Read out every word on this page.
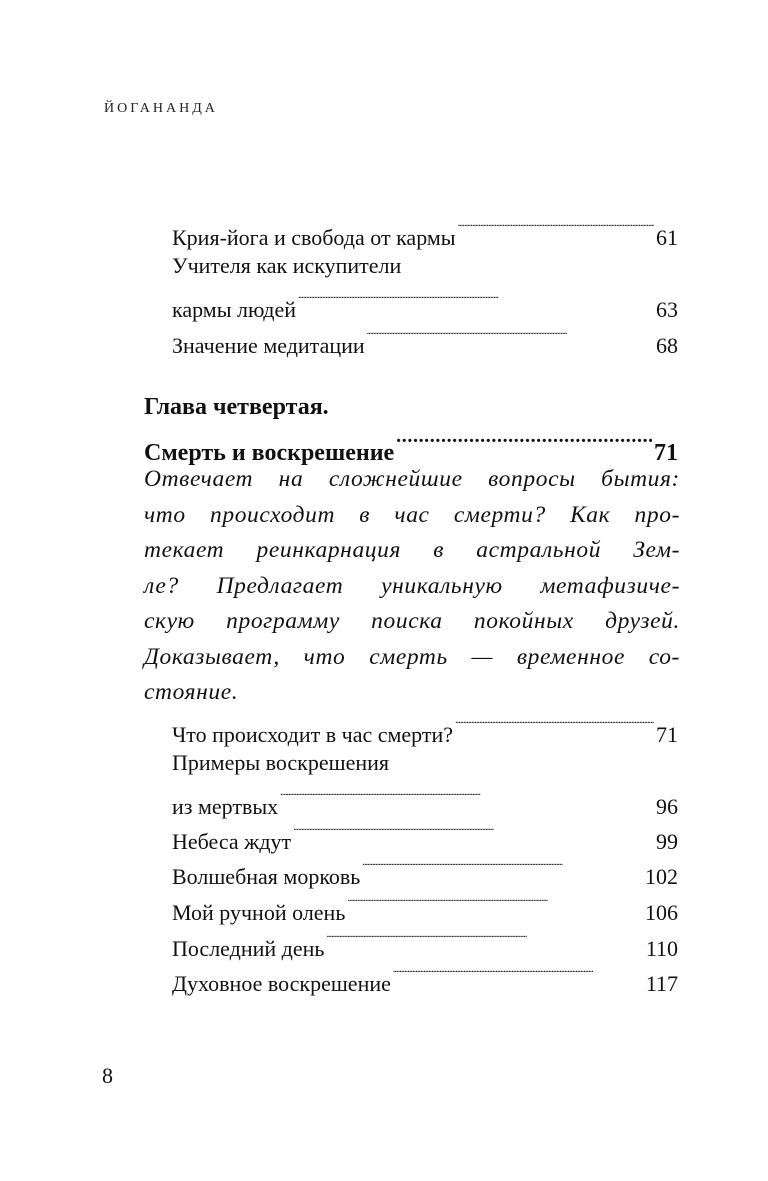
ЙОГАНАНДА
Крия-йога и свобода от кармы . . .	61
Учителя как искупители
кармы людей . . .	63
Значение медитации . . .	68
Глава четвертая.
Смерть и воскрешение . . .	71
Отвечает на сложнейшие вопросы бытия:
что происходит в час смерти? Как про-
текает реинкарнация в астральной Зем-
ле? Предлагает уникальную метафизиче-
скую программу поиска покойных друзей.
Доказывает, что смерть — временное со-
стояние.
Что происходит в час смерти? . . .	71
Примеры воскрешения
из мертвых . . .	96
Небеса ждут . . .	99
Волшебная морковь . . .	102
Мой ручной олень . . .	106
Последний день . . .	110
Духовное воскрешение . . .	117
8
